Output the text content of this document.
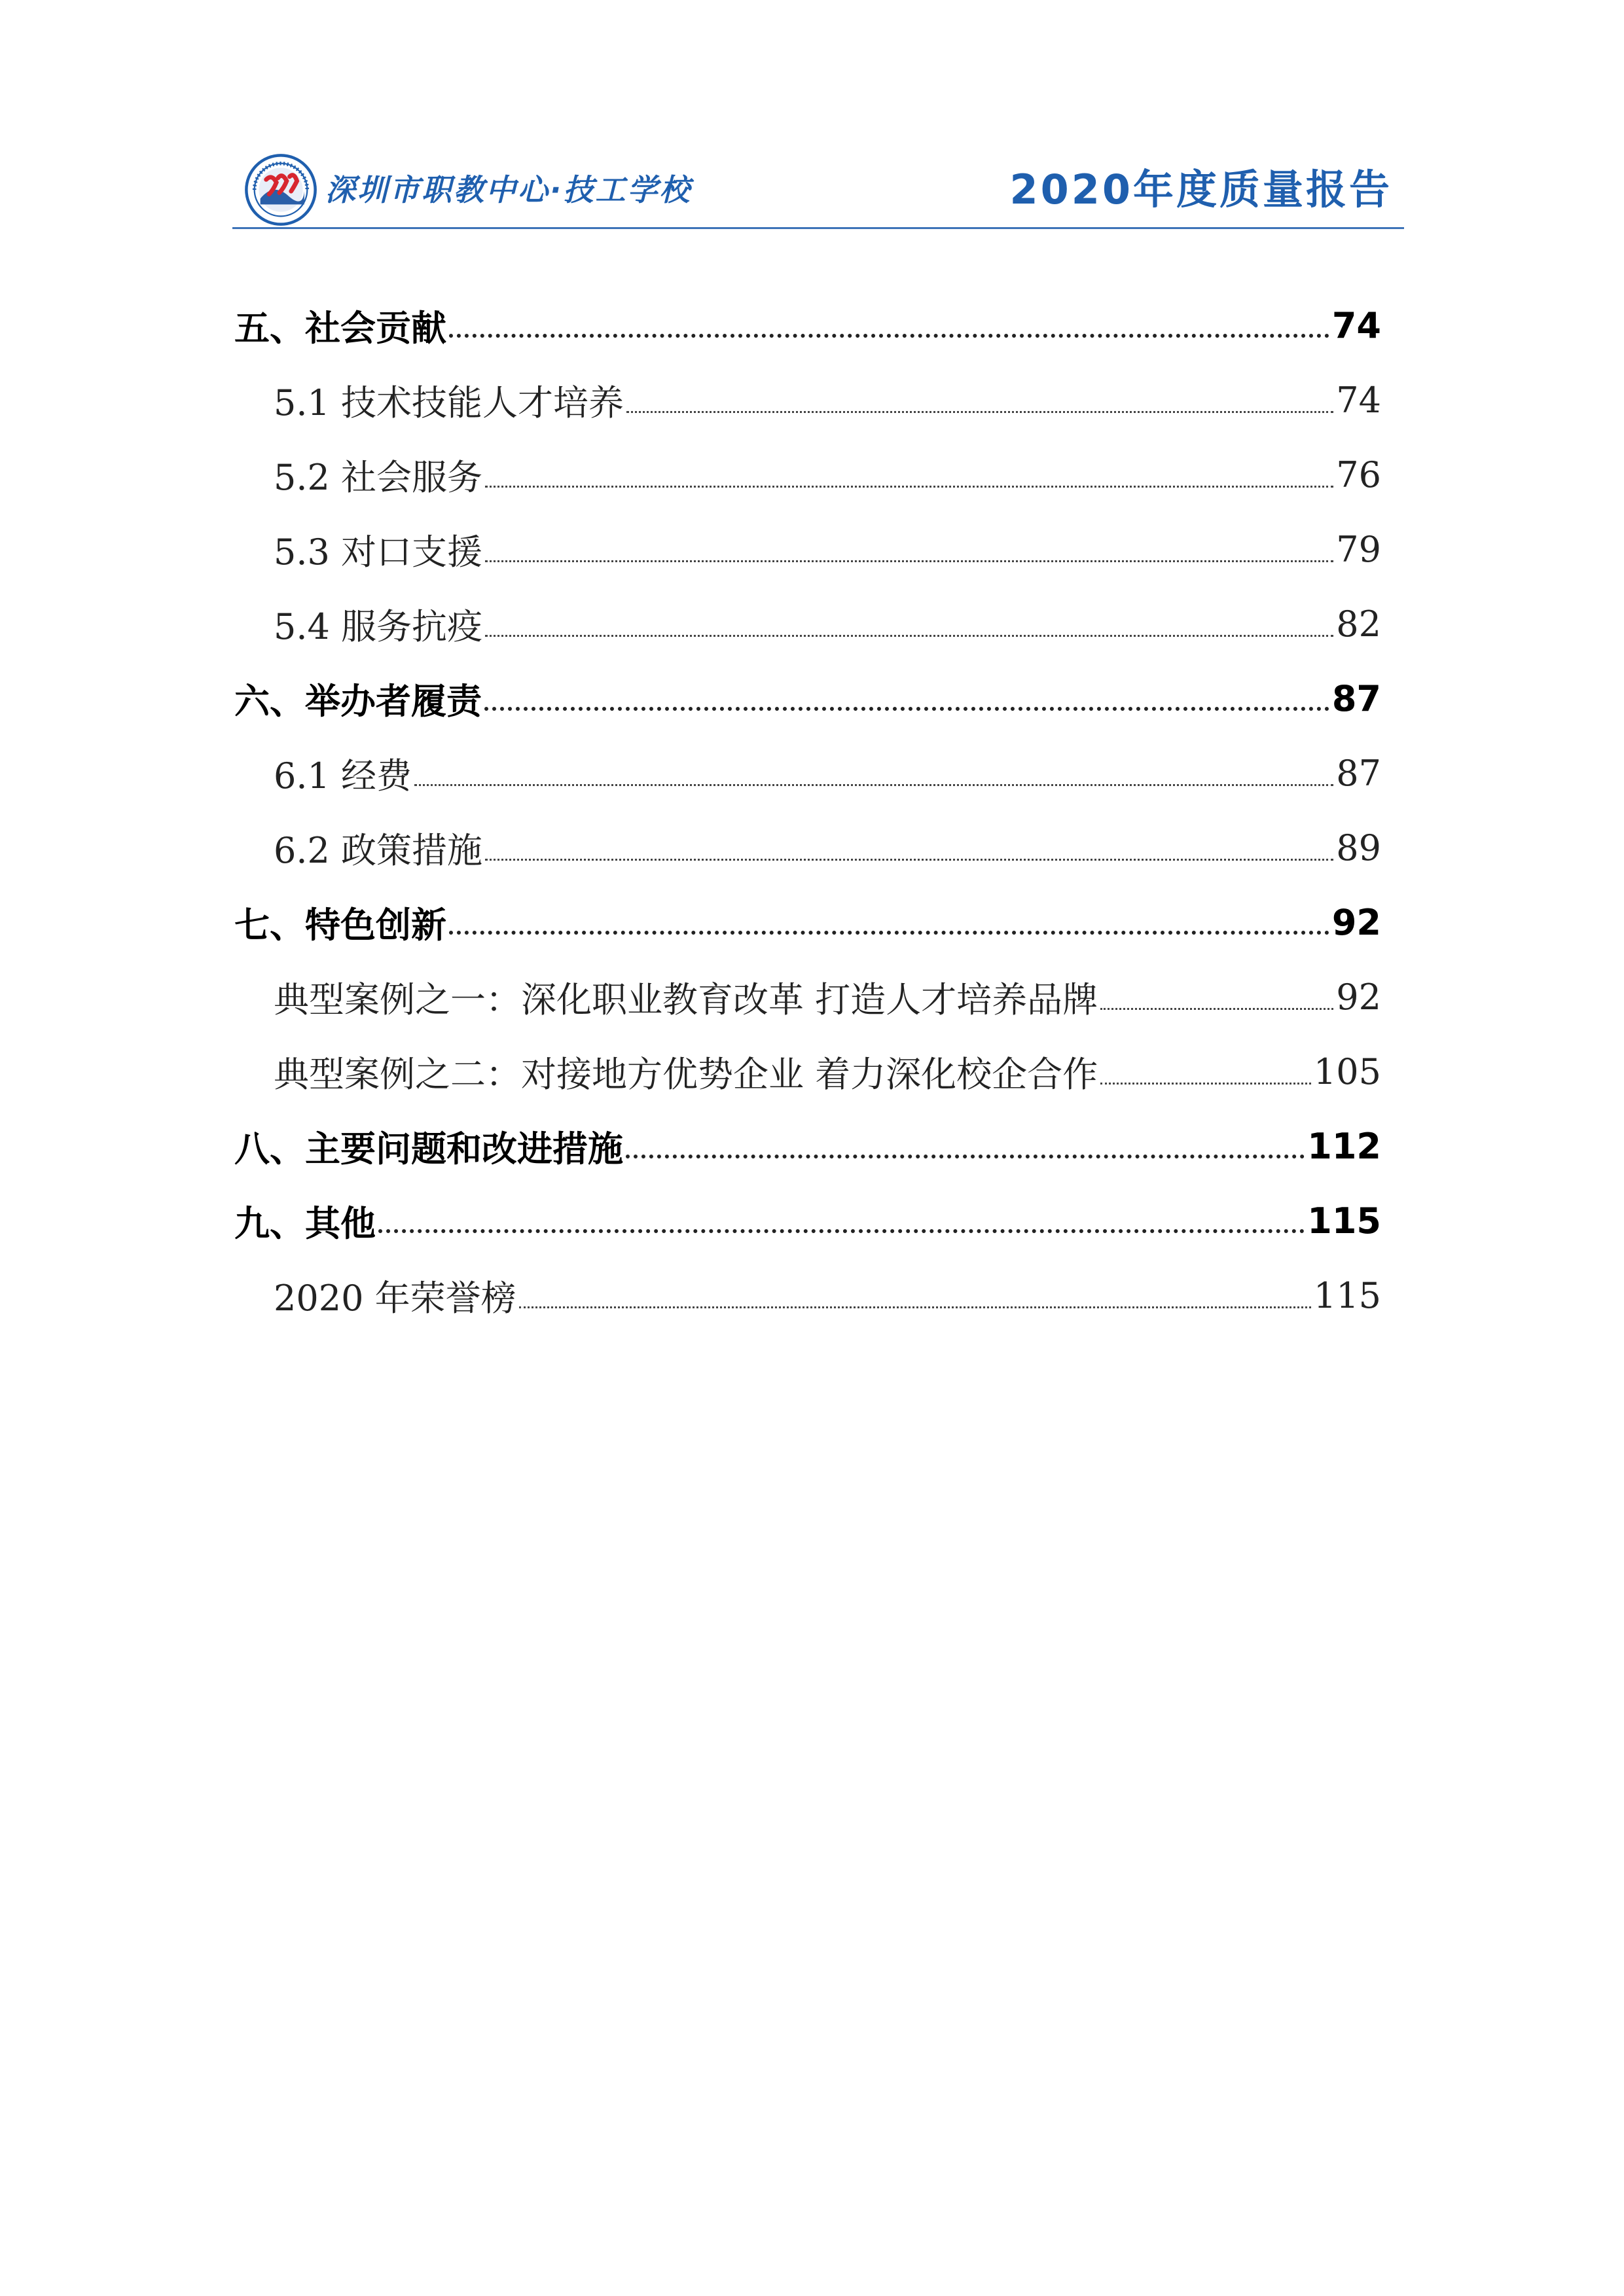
深圳市职教中心·技工学校	2020年度质量报告
五、社会贡献	74
5.1 技术技能人才培养	74
5.2 社会服务	76
5.3 对口支援	79
5.4 服务抗疫	82
六、举办者履责	87
6.1 经费	87
6.2 政策措施	89
七、特色创新	92
典型案例之一：深化职业教育改革 打造人才培养品牌	92
典型案例之二：对接地方优势企业 着力深化校企合作	105
八、主要问题和改进措施	112
九、其他	115
2020 年荣誉榜	115
